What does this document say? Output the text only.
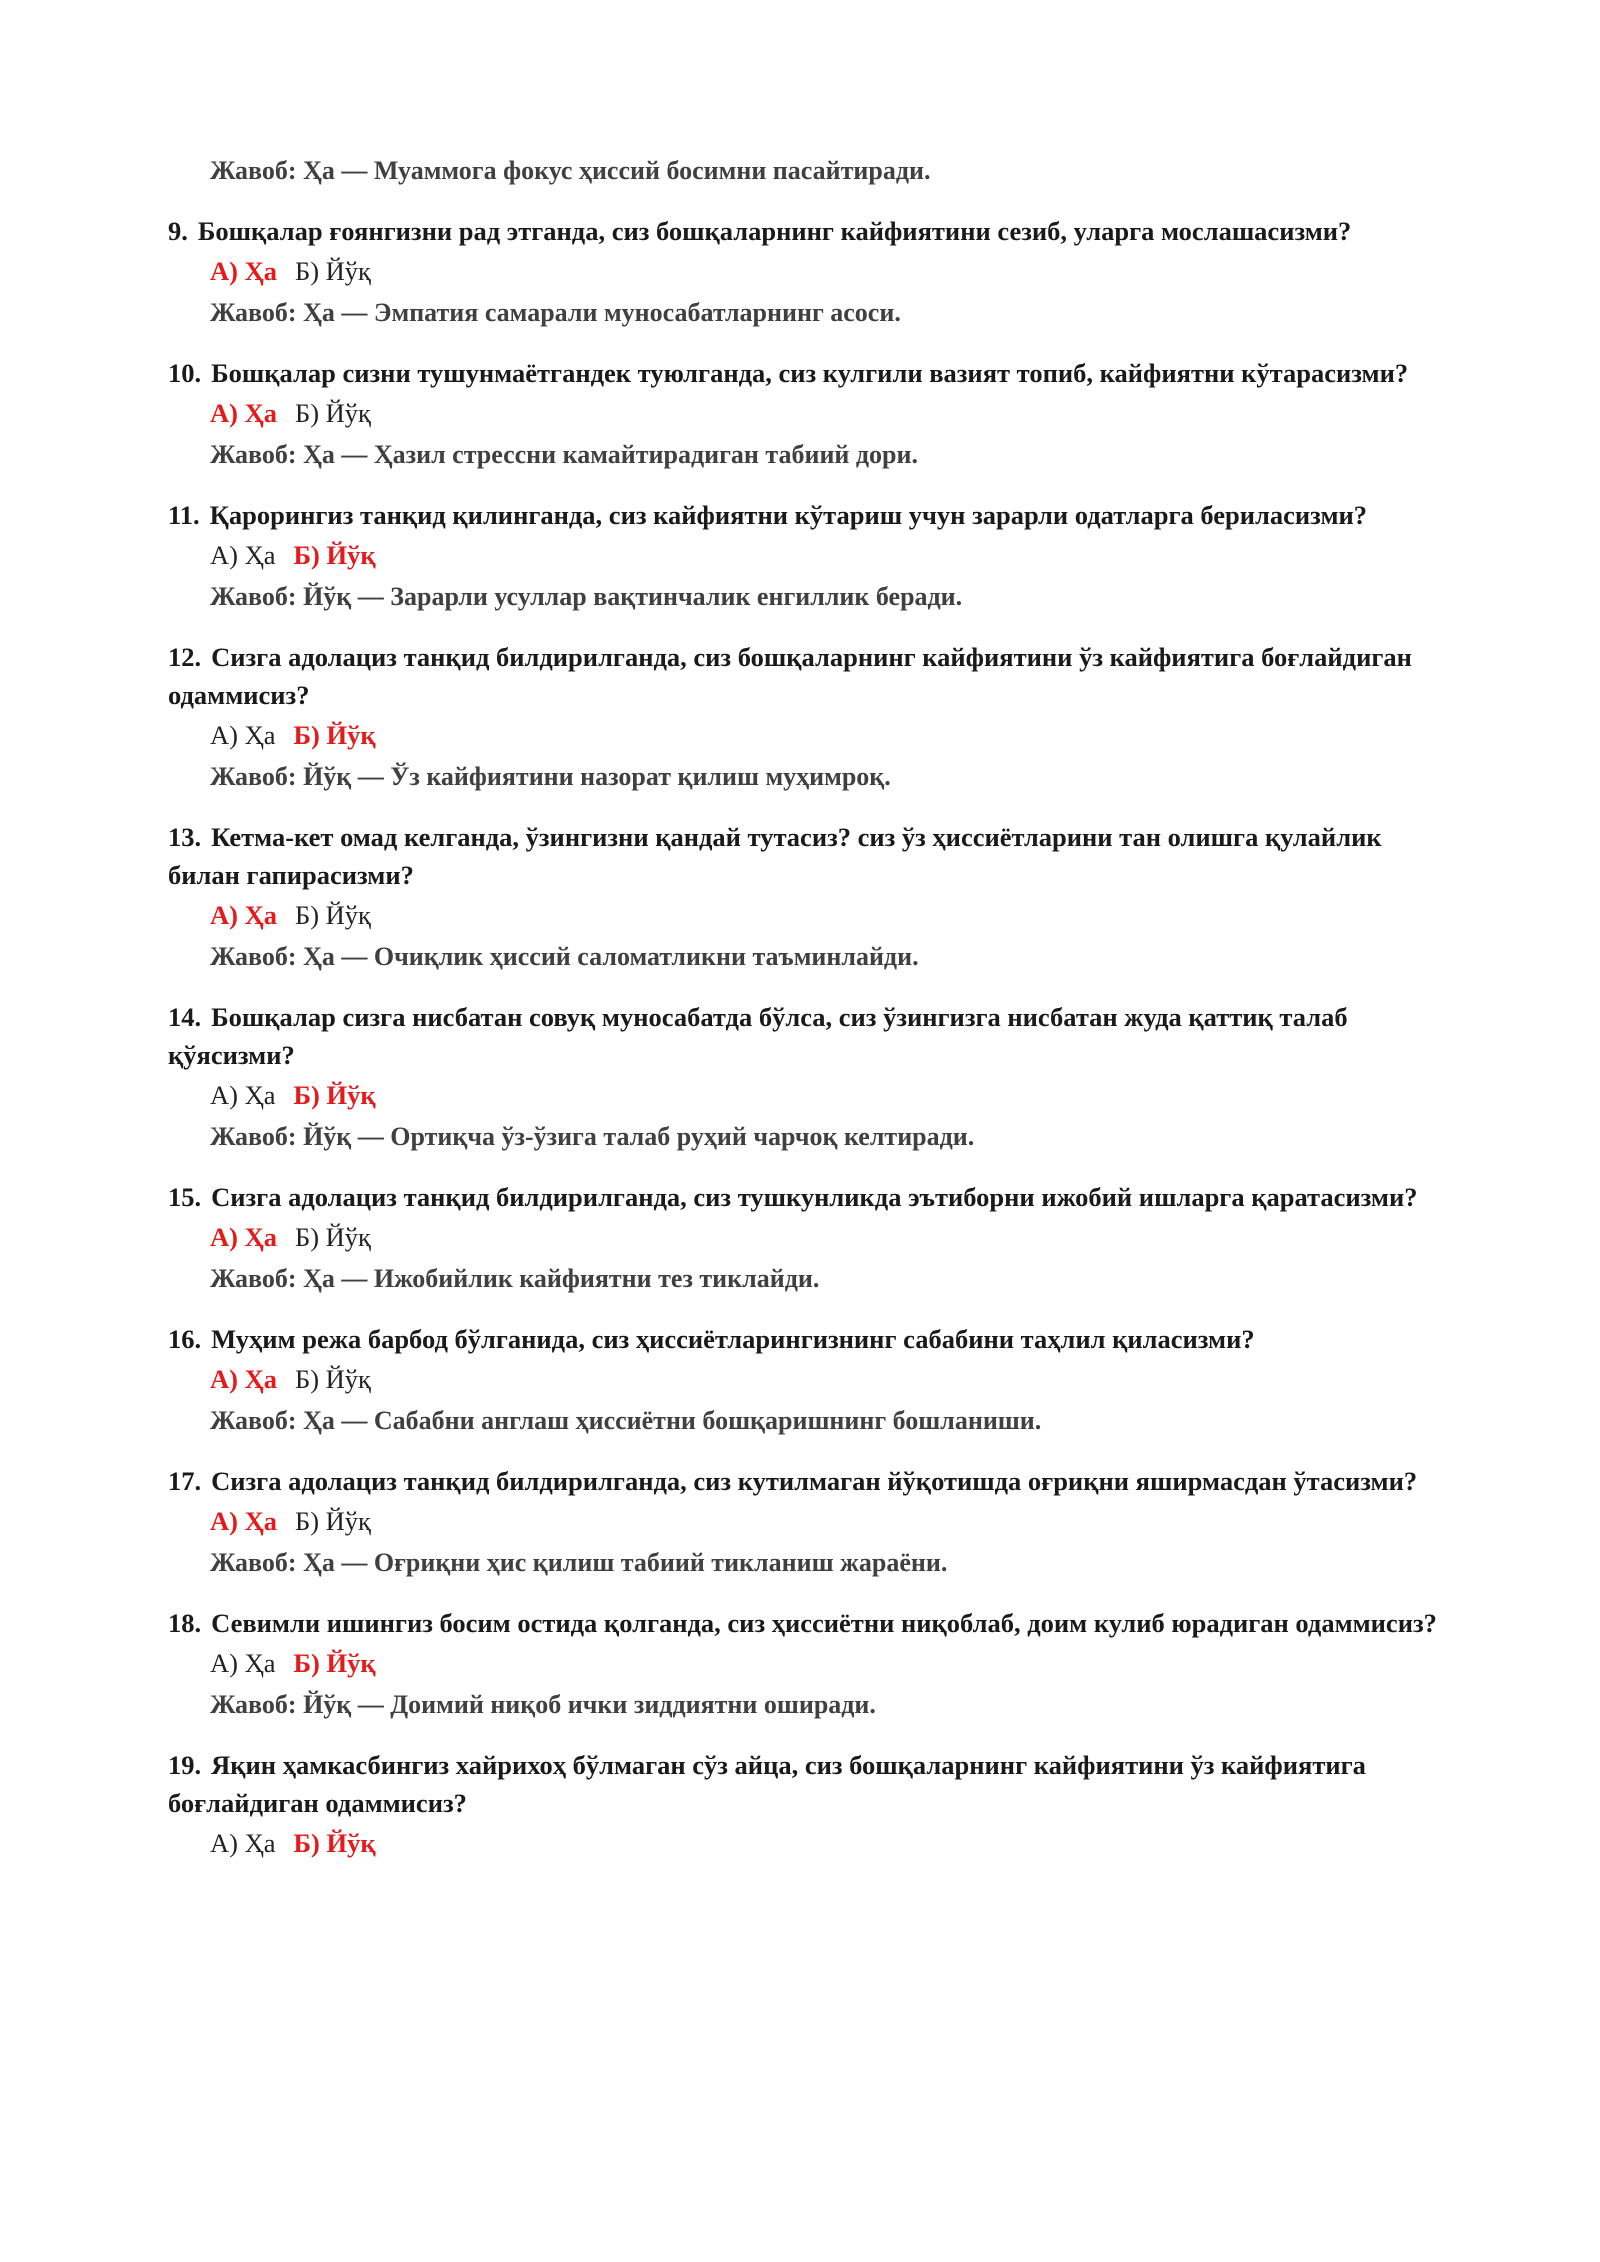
Жавоб: Ҳа — Муаммога фокус ҳиссий босимни пасайтиради.
9. Бошқалар ғоянгизни рад этганда, сиз бошқаларнинг кайфиятини сезиб, уларга мослашасизми?
А) Ҳа Б) Йўқ
Жавоб: Ҳа — Эмпатия самарали муносабатларнинг асоси.
10. Бошқалар сизни тушунмаётгандек туюлганда, сиз кулгили вазият топиб, кайфиятни кўтарасизми?
А) Ҳа Б) Йўқ
Жавоб: Ҳа — Ҳазил стрессни камайтирадиган табиий дори.
11. Қарорингиз танқид қилинганда, сиз кайфиятни кўтариш учун зарарли одатларга бериласизми?
А) Ҳа Б) Йўқ
Жавоб: Йўқ — Зарарли усуллар вақтинчалик енгиллик беради.
12. Сизга адолациз танқид билдирилганда, сиз бошқаларнинг кайфиятини ўз кайфиятига боғлайдиган одаммисиз?
А) Ҳа Б) Йўқ
Жавоб: Йўқ — Ўз кайфиятини назорат қилиш муҳимроқ.
13. Кетма-кет омад келганда, ўзингизни қандай тутасиз? сиз ўз ҳиссиётларини тан олишга қулайлик билан гапирасизми?
А) Ҳа Б) Йўқ
Жавоб: Ҳа — Очиқлик ҳиссий саломатликни таъминлайди.
14. Бошқалар сизга нисбатан совуқ муносабатда бўлса, сиз ўзингизга нисбатан жуда қаттиқ талаб қўясизми?
А) Ҳа Б) Йўқ
Жавоб: Йўқ — Ортиқча ўз-ўзига талаб руҳий чарчоқ келтиради.
15. Сизга адолациз танқид билдирилганда, сиз тушкунликда эътиборни ижобий ишларга қаратасизми?
А) Ҳа Б) Йўқ
Жавоб: Ҳа — Ижобийлик кайфиятни тез тиклайди.
16. Муҳим режа барбод бўлганида, сиз ҳиссиётларингизнинг сабабини таҳлил қиласизми?
А) Ҳа Б) Йўқ
Жавоб: Ҳа — Сабабни англаш ҳиссиётни бошқаришнинг бошланиши.
17. Сизга адолациз танқид билдирилганда, сиз кутилмаган йўқотишда оғриқни яширмасдан ўтасизми?
А) Ҳа Б) Йўқ
Жавоб: Ҳа — Оғриқни ҳис қилиш табиий тикланиш жараёни.
18. Севимли ишингиз босим остида қолганда, сиз ҳиссиётни ниқоблаб, доим кулиб юрадиган одаммисиз?
А) Ҳа Б) Йўқ
Жавоб: Йўқ — Доимий ниқоб ички зиддиятни оширади.
19. Яқин ҳамкасбингиз хайрихоҳ бўлмаган сўз айца, сиз бошқаларнинг кайфиятини ўз кайфиятига боғлайдиган одаммисиз?
А) Ҳа Б) Йўқ
